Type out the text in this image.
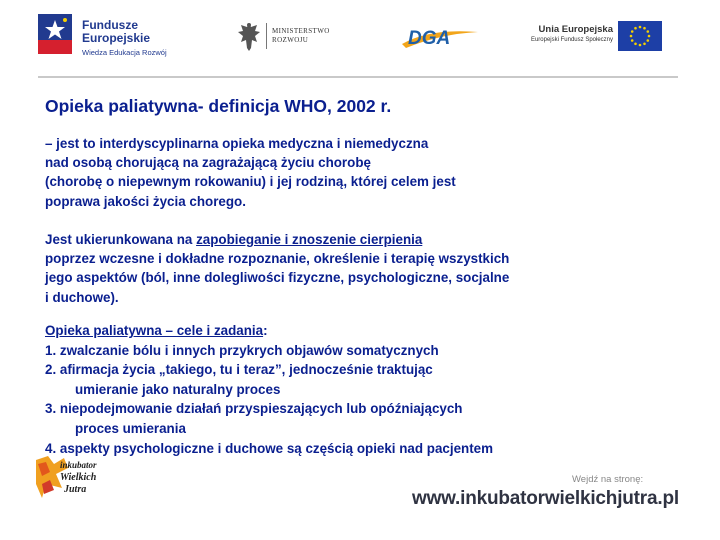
Fundusze
Europejskie
Wiedza Edukacja Rozwój
MINISTERSTWO
ROZWOJU	DGA	Unia Europejska
Europejski Fundusz Społeczny
Opieka paliatywna- definicja WHO, 2002 r.
– jest to interdyscyplinarna opieka medyczna i niemedyczna
nad osobą chorującą na zagrażającą życiu chorobę
(chorobę o niepewnym rokowaniu) i jej rodziną, której celem jest
poprawa jakości życia chorego.
Jest ukierunkowana na zapobieganie i znoszenie cierpienia
poprzez wczesne i dokładne rozpoznanie, określenie i terapię wszystkich
jego aspektów (ból, inne dolegliwości fizyczne, psychologiczne, socjalne
i duchowe).
Opieka paliatywna – cele i zadania:
1. zwalczanie bólu i innych przykrych objawów somatycznych
2. afirmacja życia „takiego, tu i teraz”, jednocześnie traktując
umieranie jako naturalny proces
3. niepodejmowanie działań przyspieszających lub opóźniających
proces umierania
4. aspekty psychologiczne i duchowe są częścią opieki nad pacjentem
inkubator
Wielkich
Jutra
Wejdź na stronę:
www.inkubatorwielkichjutra.pl
